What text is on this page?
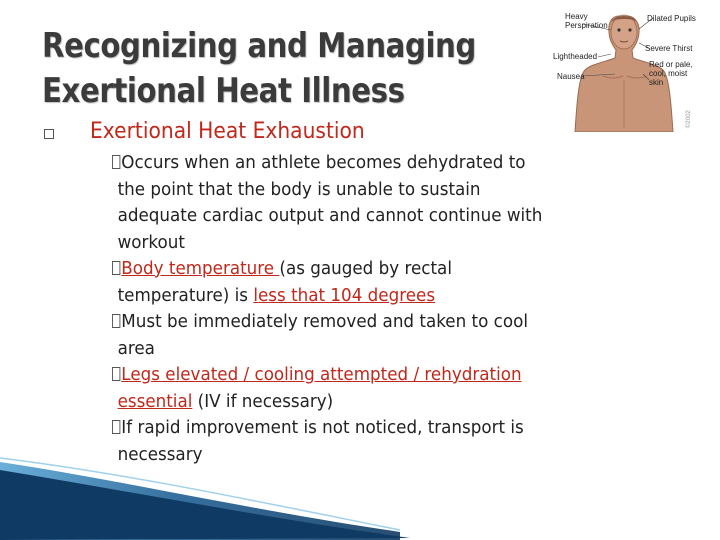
Recognizing and Managing
Exertional Heat Illness
©2002
Heavy
Perspiration
Dilated Pupils
Lightheaded
Severe Thirst
Nausea
Red or pale,
cool, moist
skin
Exertional Heat Exhaustion
Occurs when an athlete becomes dehydrated to
the point that the body is unable to sustain
adequate cardiac output and cannot continue with
workout
Body temperature (as gauged by rectal
temperature) is less that 104 degrees
Must be immediately removed and taken to cool
area
Legs elevated / cooling attempted / rehydration
essential (IV if necessary)
If rapid improvement is not noticed, transport is
necessary
